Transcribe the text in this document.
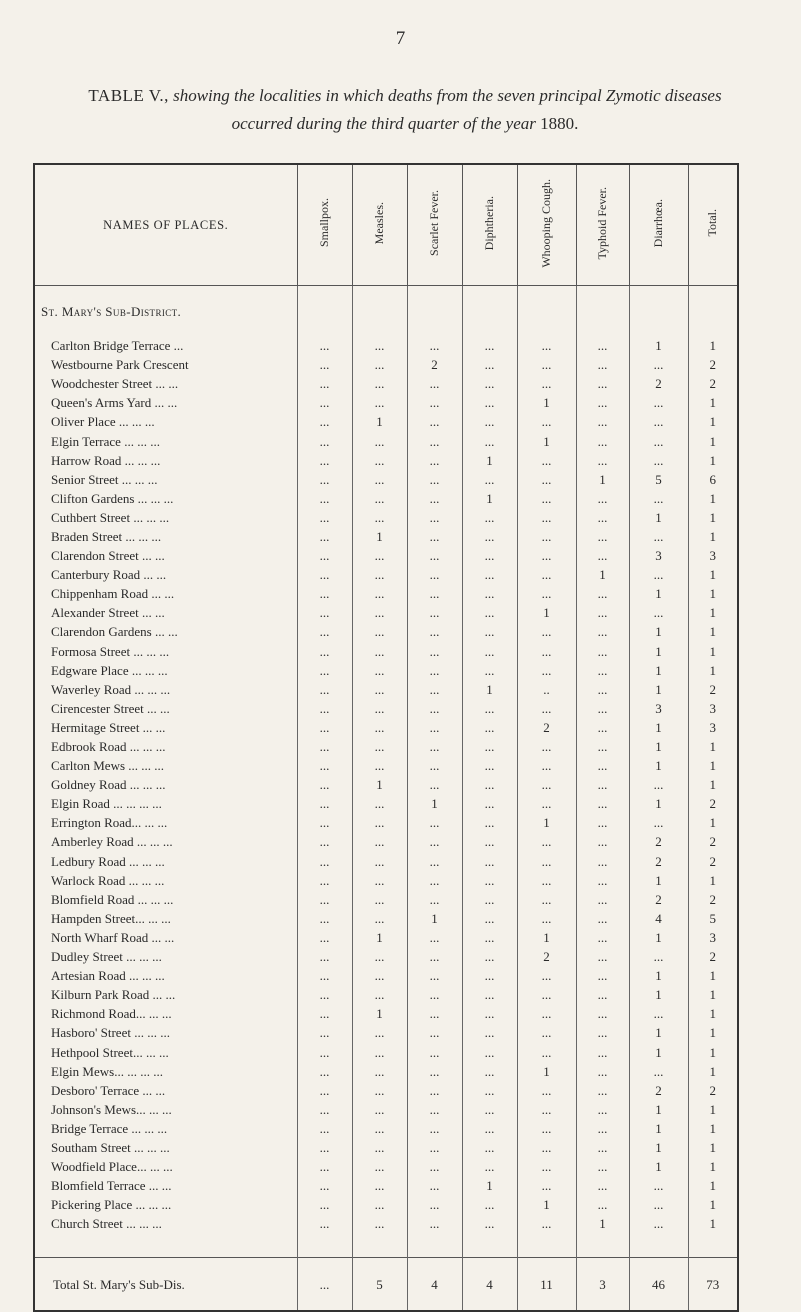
7
TABLE V., showing the localities in which deaths from the seven principal Zymotic diseases occurred during the third quarter of the year 1880.
NAMES OF PLACES.	Smallpox.	Measles.	Scarlet Fever.	Diphtheria.	Whooping Cough.	Typhoid Fever.	Diarrhœa.	Total.
St. Mary's Sub-District.								
Carlton Bridge Terrace ...	...	...	...	...	...	...	1	1
Westbourne Park Crescent	...	...	2	...	...	...	...	2
Woodchester Street ... ...	...	...	...	...	...	...	2	2
Queen's Arms Yard ... ...	...	...	...	...	1	...	...	1
Oliver Place ... ... ...	...	1	...	...	...	...	...	1
Elgin Terrace ... ... ...	...	...	...	...	1	...	...	1
Harrow Road ... ... ...	...	...	...	1	...	...	...	1
Senior Street ... ... ...	...	...	...	...	...	1	5	6
Clifton Gardens ... ... ...	...	...	...	1	...	...	...	1
Cuthbert Street ... ... ...	...	...	...	...	...	...	1	1
Braden Street ... ... ...	...	1	...	...	...	...	...	1
Clarendon Street ... ...	...	...	...	...	...	...	3	3
Canterbury Road ... ...	...	...	...	...	...	1	...	1
Chippenham Road ... ...	...	...	...	...	...	...	1	1
Alexander Street ... ...	...	...	...	...	1	...	...	1
Clarendon Gardens ... ...	...	...	...	...	...	...	1	1
Formosa Street ... ... ...	...	...	...	...	...	...	1	1
Edgware Place ... ... ...	...	...	...	...	...	...	1	1
Waverley Road ... ... ...	...	...	...	1	..	...	1	2
Cirencester Street ... ...	...	...	...	...	...	...	3	3
Hermitage Street ... ...	...	...	...	...	2	...	1	3
Edbrook Road ... ... ...	...	...	...	...	...	...	1	1
Carlton Mews ... ... ...	...	...	...	...	...	...	1	1
Goldney Road ... ... ...	...	1	...	...	...	...	...	1
Elgin Road ... ... ... ...	...	...	1	...	...	...	1	2
Errington Road... ... ...	...	...	...	...	1	...	...	1
Amberley Road ... ... ...	...	...	...	...	...	...	2	2
Ledbury Road ... ... ...	...	...	...	...	...	...	2	2
Warlock Road ... ... ...	...	...	...	...	...	...	1	1
Blomfield Road ... ... ...	...	...	...	...	...	...	2	2
Hampden Street... ... ...	...	...	1	...	...	...	4	5
North Wharf Road ... ...	...	1	...	...	1	...	1	3
Dudley Street ... ... ...	...	...	...	...	2	...	...	2
Artesian Road ... ... ...	...	...	...	...	...	...	1	1
Kilburn Park Road ... ...	...	...	...	...	...	...	1	1
Richmond Road... ... ...	...	1	...	...	...	...	...	1
Hasboro' Street ... ... ...	...	...	...	...	...	...	1	1
Hethpool Street... ... ...	...	...	...	...	...	...	1	1
Elgin Mews... ... ... ...	...	...	...	...	1	...	...	1
Desboro' Terrace ... ...	...	...	...	...	...	...	2	2
Johnson's Mews... ... ...	...	...	...	...	...	...	1	1
Bridge Terrace ... ... ...	...	...	...	...	...	...	1	1
Southam Street ... ... ...	...	...	...	...	...	...	1	1
Woodfield Place... ... ...	...	...	...	...	...	...	1	1
Blomfield Terrace ... ...	...	...	...	1	...	...	...	1
Pickering Place ... ... ...	...	...	...	...	1	...	...	1
Church Street ... ... ...	...	...	...	...	...	1	...	1

Total St. Mary's Sub-Dis.	...	5	4	4	11	3	46	73
